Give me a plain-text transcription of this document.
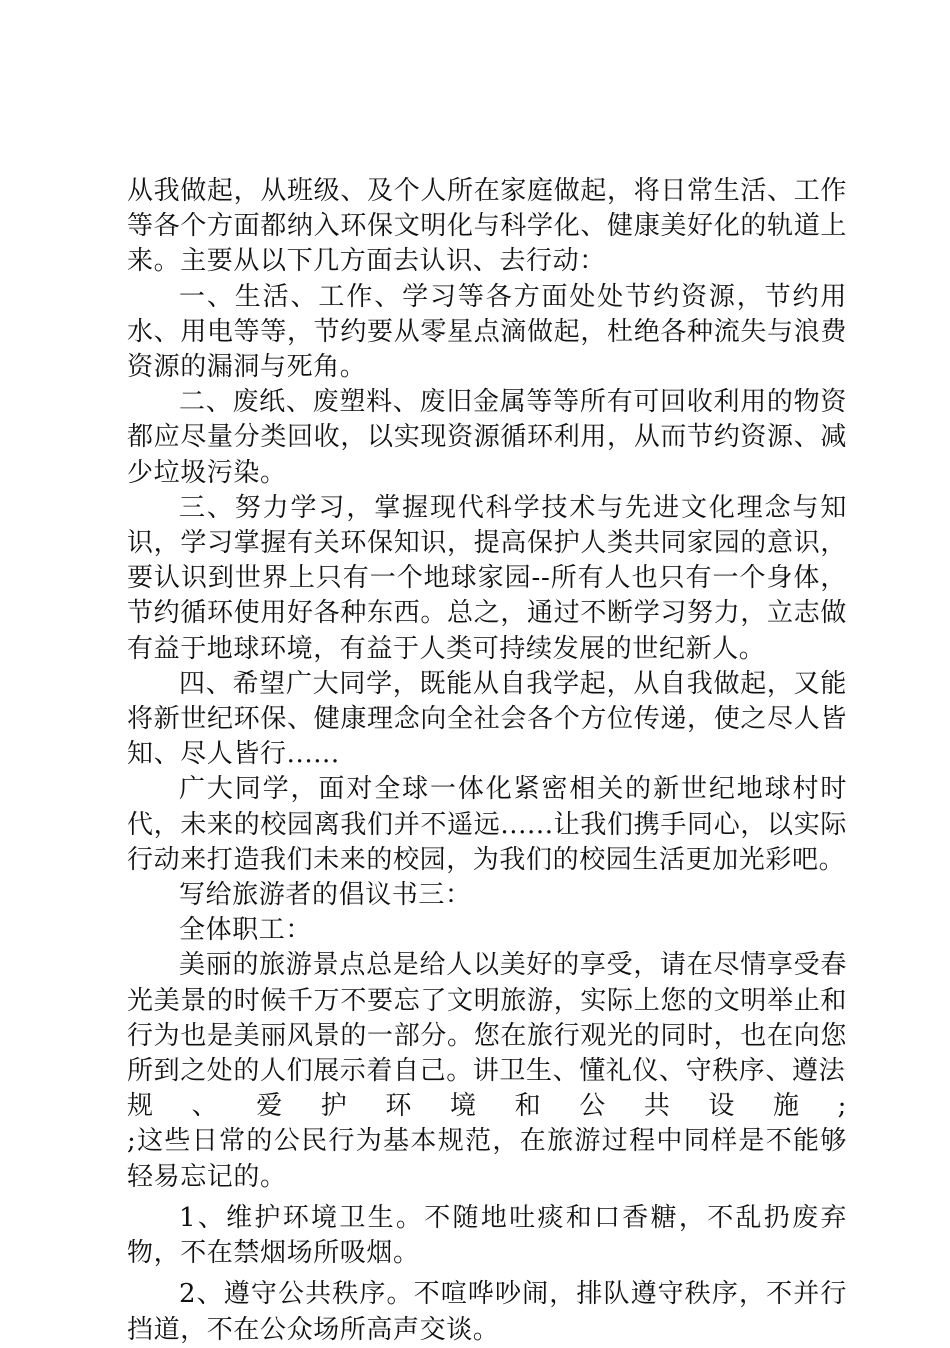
从我做起，从班级、及个人所在家庭做起，将日常生活、工作等各个方面都纳入环保文明化与科学化、健康美好化的轨道上来。主要从以下几方面去认识、去行动：

一、生活、工作、学习等各方面处处节约资源，节约用水、用电等等，节约要从零星点滴做起，杜绝各种流失与浪费资源的漏洞与死角。

二、废纸、废塑料、废旧金属等等所有可回收利用的物资都应尽量分类回收，以实现资源循环利用，从而节约资源、减少垃圾污染。

三、努力学习，掌握现代科学技术与先进文化理念与知识，学习掌握有关环保知识，提高保护人类共同家园的意识，要认识到世界上只有一个地球家园--所有人也只有一个身体，节约循环使用好各种东西。总之，通过不断学习努力，立志做有益于地球环境，有益于人类可持续发展的世纪新人。

四、希望广大同学，既能从自我学起，从自我做起，又能将新世纪环保、健康理念向全社会各个方位传递，使之尽人皆知、尽人皆行......

广大同学，面对全球一体化紧密相关的新世纪地球村时代，未来的校园离我们并不遥远......让我们携手同心，以实际行动来打造我们未来的校园，为我们的校园生活更加光彩吧。

写给旅游者的倡议书三：

全体职工：

美丽的旅游景点总是给人以美好的享受，请在尽情享受春光美景的时候千万不要忘了文明旅游，实际上您的文明举止和行为也是美丽风景的一部分。您在旅行观光的同时，也在向您所到之处的人们展示着自己。讲卫生、懂礼仪、守秩序、遵法

规、爱护环境和公共设施;

;这些日常的公民行为基本规范，在旅游过程中同样是不能够轻易忘记的。

1、维护环境卫生。不随地吐痰和口香糖，不乱扔废弃物，不在禁烟场所吸烟。

2、遵守公共秩序。不喧哗吵闹，排队遵守秩序，不并行挡道，不在公众场所高声交谈。
